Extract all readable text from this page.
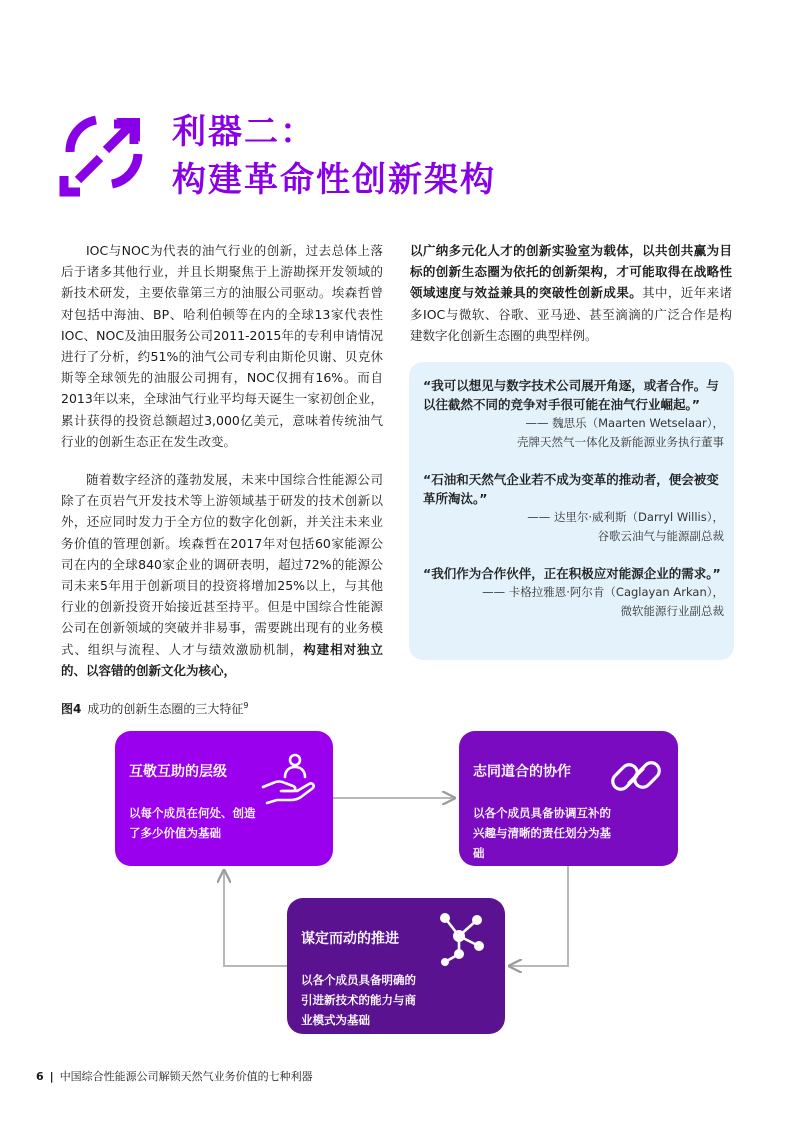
利器二：
构建革命性创新架构

IOC与NOC为代表的油气行业的创新，过去总体上落后于诸多其他行业，并且长期聚焦于上游勘探开发领域的新技术研发，主要依靠第三方的油服公司驱动。埃森哲曾对包括中海油、BP、哈利伯顿等在内的全球13家代表性IOC、NOC及油田服务公司2011-2015年的专利申请情况进行了分析，约51%的油气公司专利由斯伦贝谢、贝克休斯等全球领先的油服公司拥有，NOC仅拥有16%。而自2013年以来，全球油气行业平均每天诞生一家初创企业，累计获得的投资总额超过3,000亿美元，意味着传统油气行业的创新生态正在发生改变。

随着数字经济的蓬勃发展，未来中国综合性能源公司除了在页岩气开发技术等上游领域基于研发的技术创新以外，还应同时发力于全方位的数字化创新，并关注未来业务价值的管理创新。埃森哲在2017年对包括60家能源公司在内的全球840家企业的调研表明，超过72%的能源公司未来5年用于创新项目的投资将增加25%以上，与其他行业的创新投资开始接近甚至持平。但是中国综合性能源公司在创新领域的突破并非易事，需要跳出现有的业务模式、组织与流程、人才与绩效激励机制，构建相对独立的、以容错的创新文化为核心，

以广纳多元化人才的创新实验室为载体，以共创共赢为目标的创新生态圈为依托的创新架构，才可能取得在战略性领域速度与效益兼具的突破性创新成果。其中，近年来诸多IOC与微软、谷歌、亚马逊、甚至滴滴的广泛合作是构建数字化创新生态圈的典型样例。

“我可以想见与数字技术公司展开角逐，或者合作。与以往截然不同的竞争对手很可能在油气行业崛起。”
—— 魏思乐（Maarten Wetselaar），
壳牌天然气一体化及新能源业务执行董事
“石油和天然气企业若不成为变革的推动者，便会被变革所淘汰。”
—— 达里尔·威利斯（Darryl Willis），
谷歌云油气与能源副总裁
“我们作为合作伙伴，正在积极应对能源企业的需求。”
—— 卡格拉雅恩·阿尔肯（Caglayan Arkan），
微软能源行业副总裁
图4 成功的创新生态圈的三大特征$^9$
互敬互助的层级
以每个成员在何处、创造了多少价值为基础
志同道合的协作
以各个成员具备协调互补的兴趣与清晰的责任划分为基础
谋定而动的推进
以各个成员具备明确的引进新技术的能力与商业模式为基础
6 | 中国综合性能源公司解锁天然气业务价值的七种利器
